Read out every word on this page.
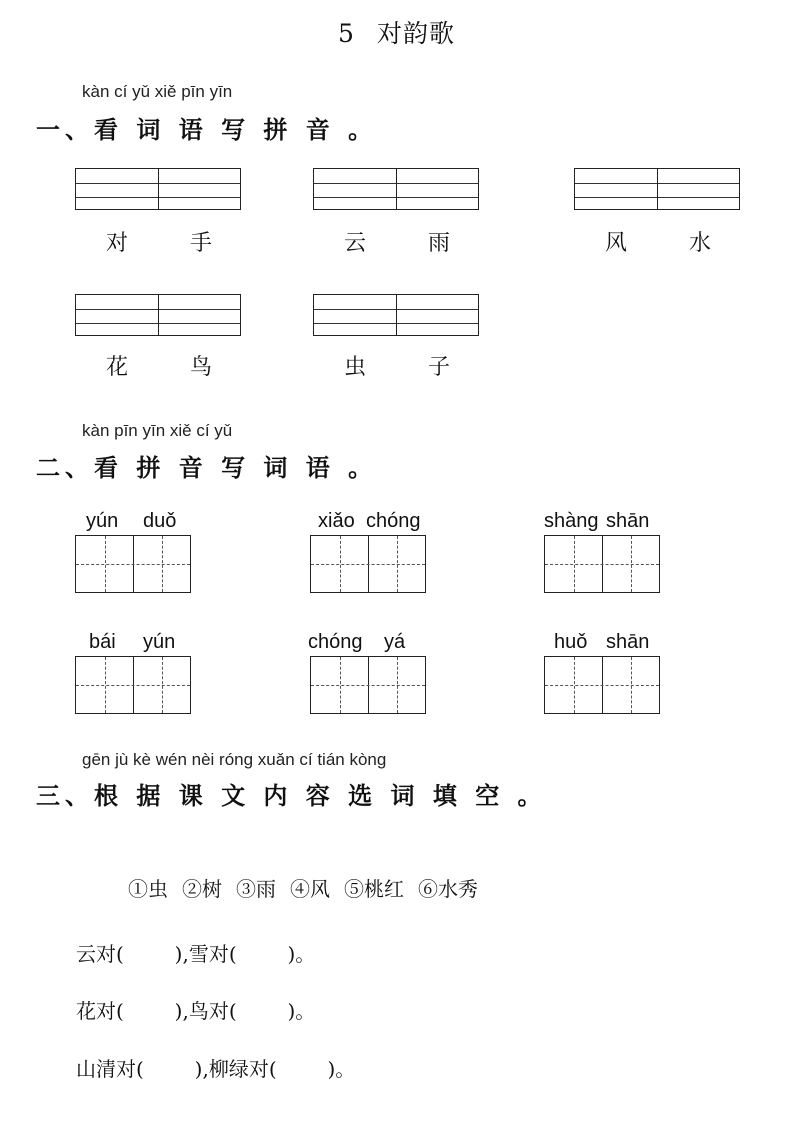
5 对韵歌
kàn cí yǔ xiě pīn yīn
一、看 词 语 写 拼 音 。
对	手	云	雨	风	水
花	鸟	虫	子
kàn pīn yīn xiě cí yǔ
二、看 拼 音 写 词 语 。
yún duǒ	xiǎo chóng	shàng shān
bái yún	chóng yá	huǒ shān
gēn jù kè wén nèi róng xuǎn cí tián kòng
三、根 据 课 文 内 容 选 词 填 空 。
①虫 ②树 ③雨 ④风 ⑤桃红 ⑥水秀
云对(        ),雪对(        )。
花对(        ),鸟对(        )。
山清对(        ),柳绿对(        )。
